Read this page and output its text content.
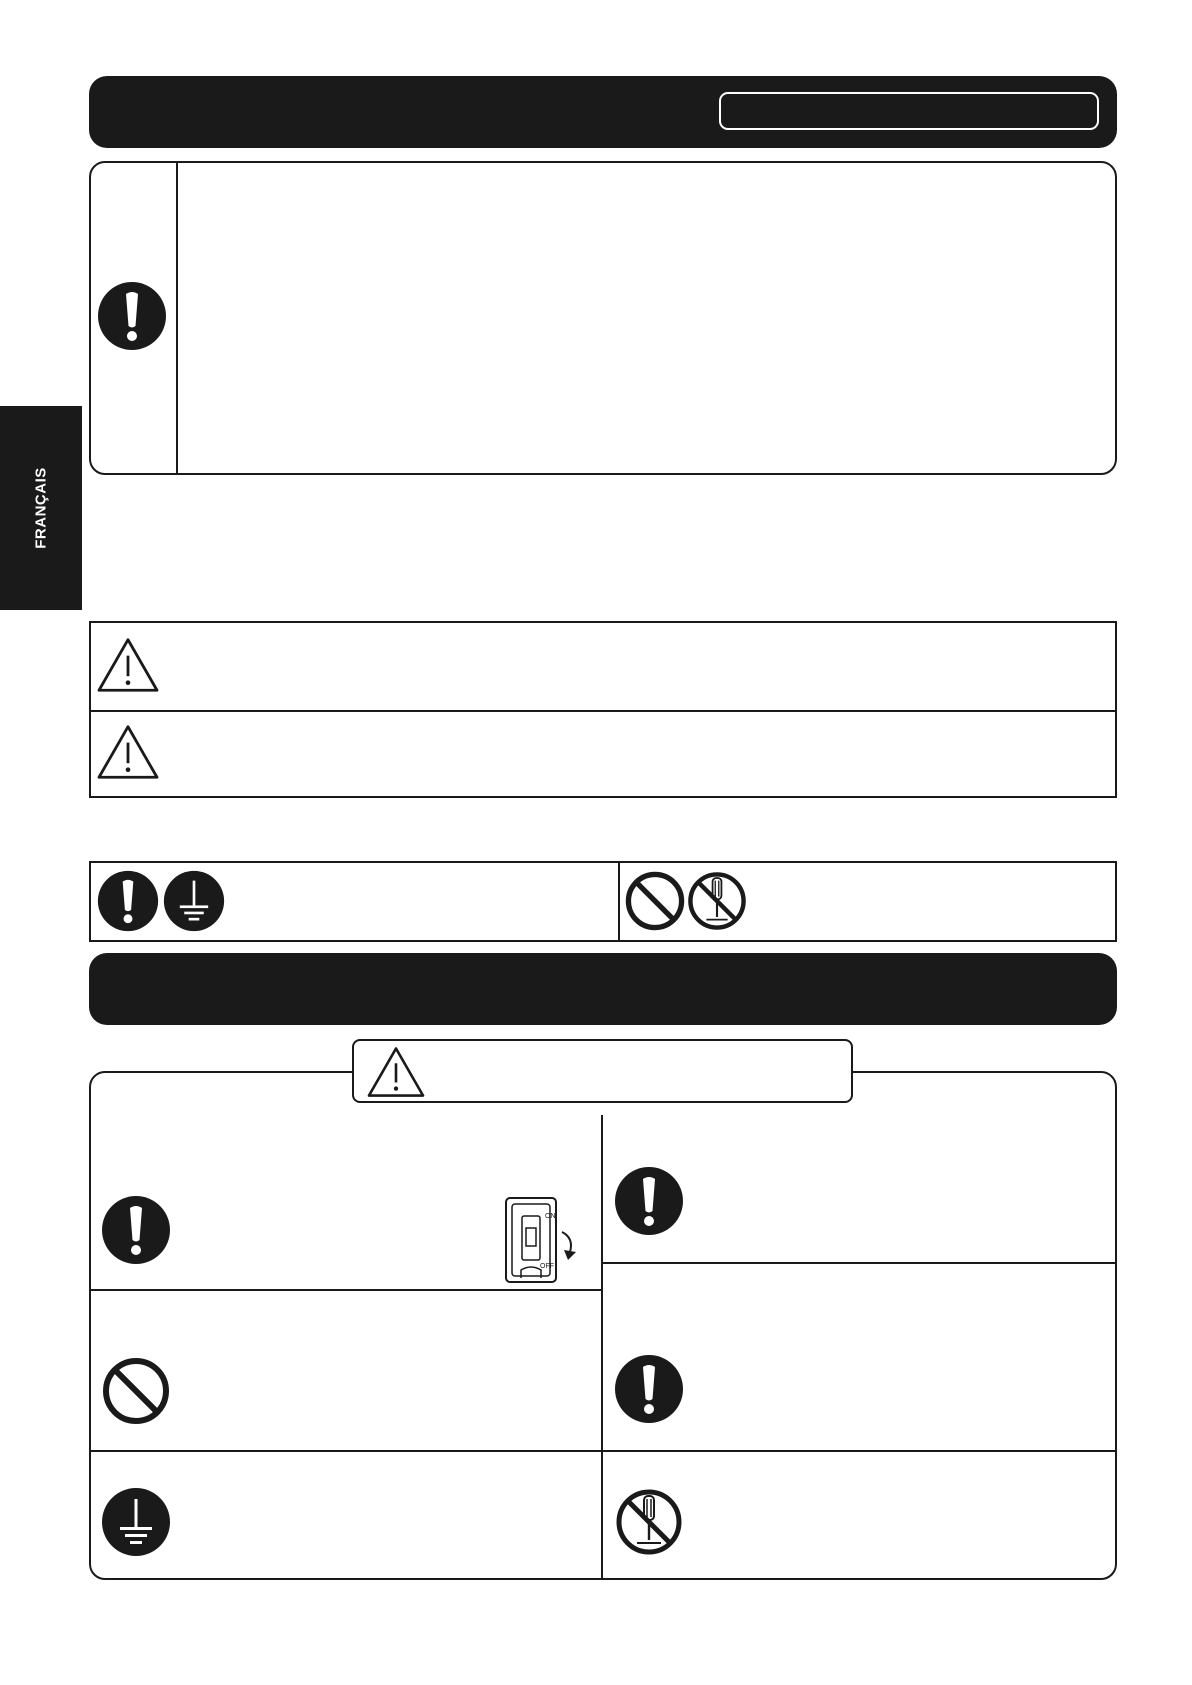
FRANÇAIS
ON
OFF
